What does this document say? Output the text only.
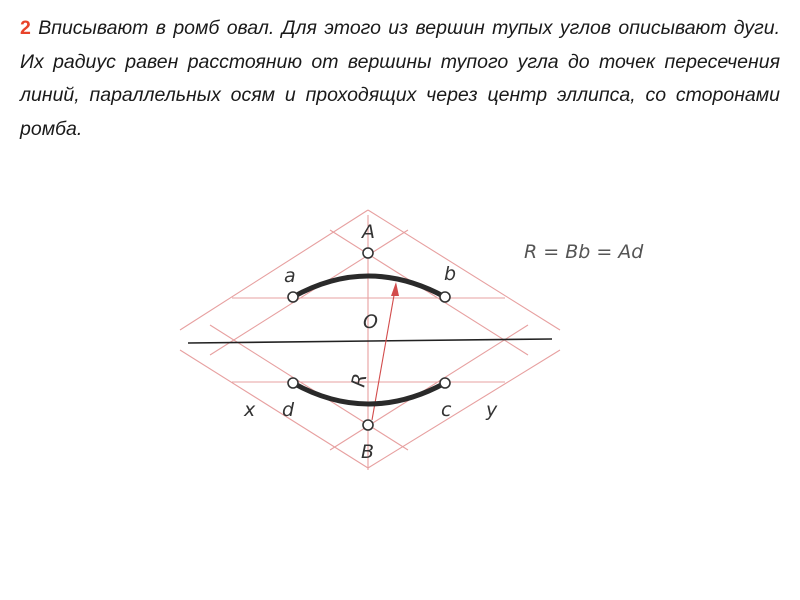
2 Вписывают в ромб овал. Для этого из вершин тупых углов описывают дуги. Их радиус равен расстоянию от вершины тупого угла до точек пересечения линий, параллельных осям и проходящих через центр эллипса, со сторонами ромба.

A
a	b
O
R
x d	c y
B
R = Bb = Ad
